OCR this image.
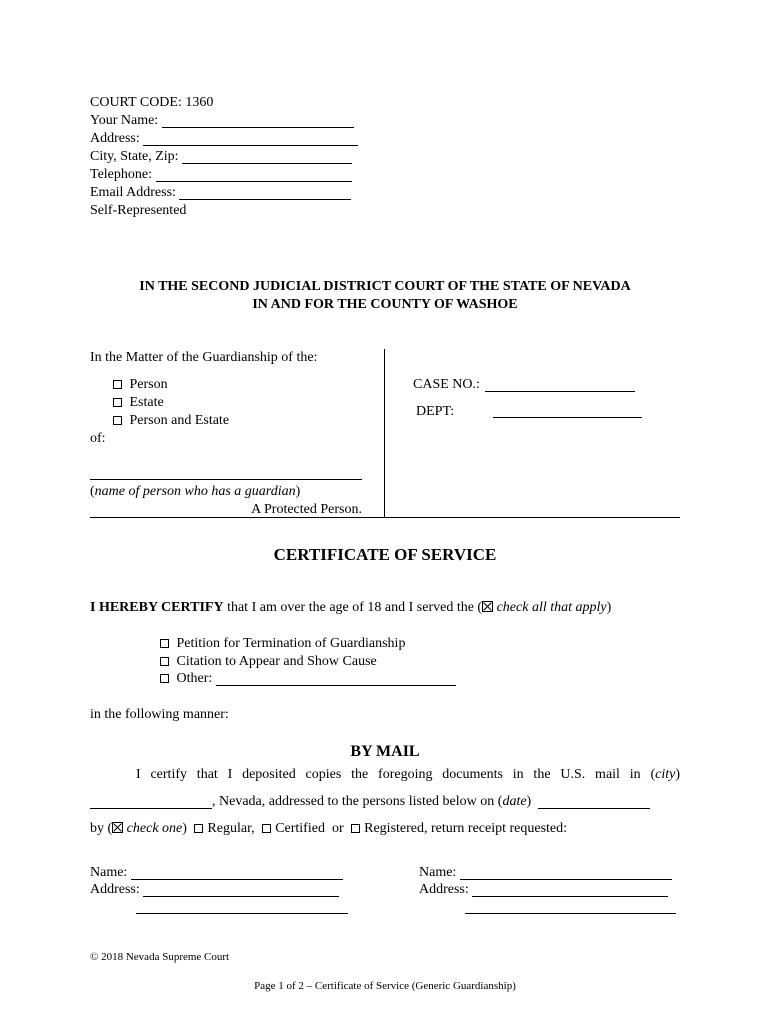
COURT CODE: 1360
Your Name:
Address:
City, State, Zip:
Telephone:
Email Address:
Self-Represented
IN THE SECOND JUDICIAL DISTRICT COURT OF THE STATE OF NEVADA
IN AND FOR THE COUNTY OF WASHOE
In the Matter of the Guardianship of the:
Person
Estate
Person and Estate
of:
(name of person who has a guardian)
A Protected Person.
CASE NO.:
DEPT:
CERTIFICATE OF SERVICE
I HEREBY CERTIFY that I am over the age of 18 and I served the ( check all that apply)
Petition for Termination of Guardianship
Citation to Appear and Show Cause
Other:
in the following manner:
BY MAIL
I certify that I deposited copies the foregoing documents in the U.S. mail in (city)
, Nevada, addressed to the persons listed below on (date)
by ( check one) Regular, Certified or Registered, return receipt requested:
Name:
Address:
Name:
Address:
© 2018 Nevada Supreme Court
Page 1 of 2 – Certificate of Service (Generic Guardianship)
